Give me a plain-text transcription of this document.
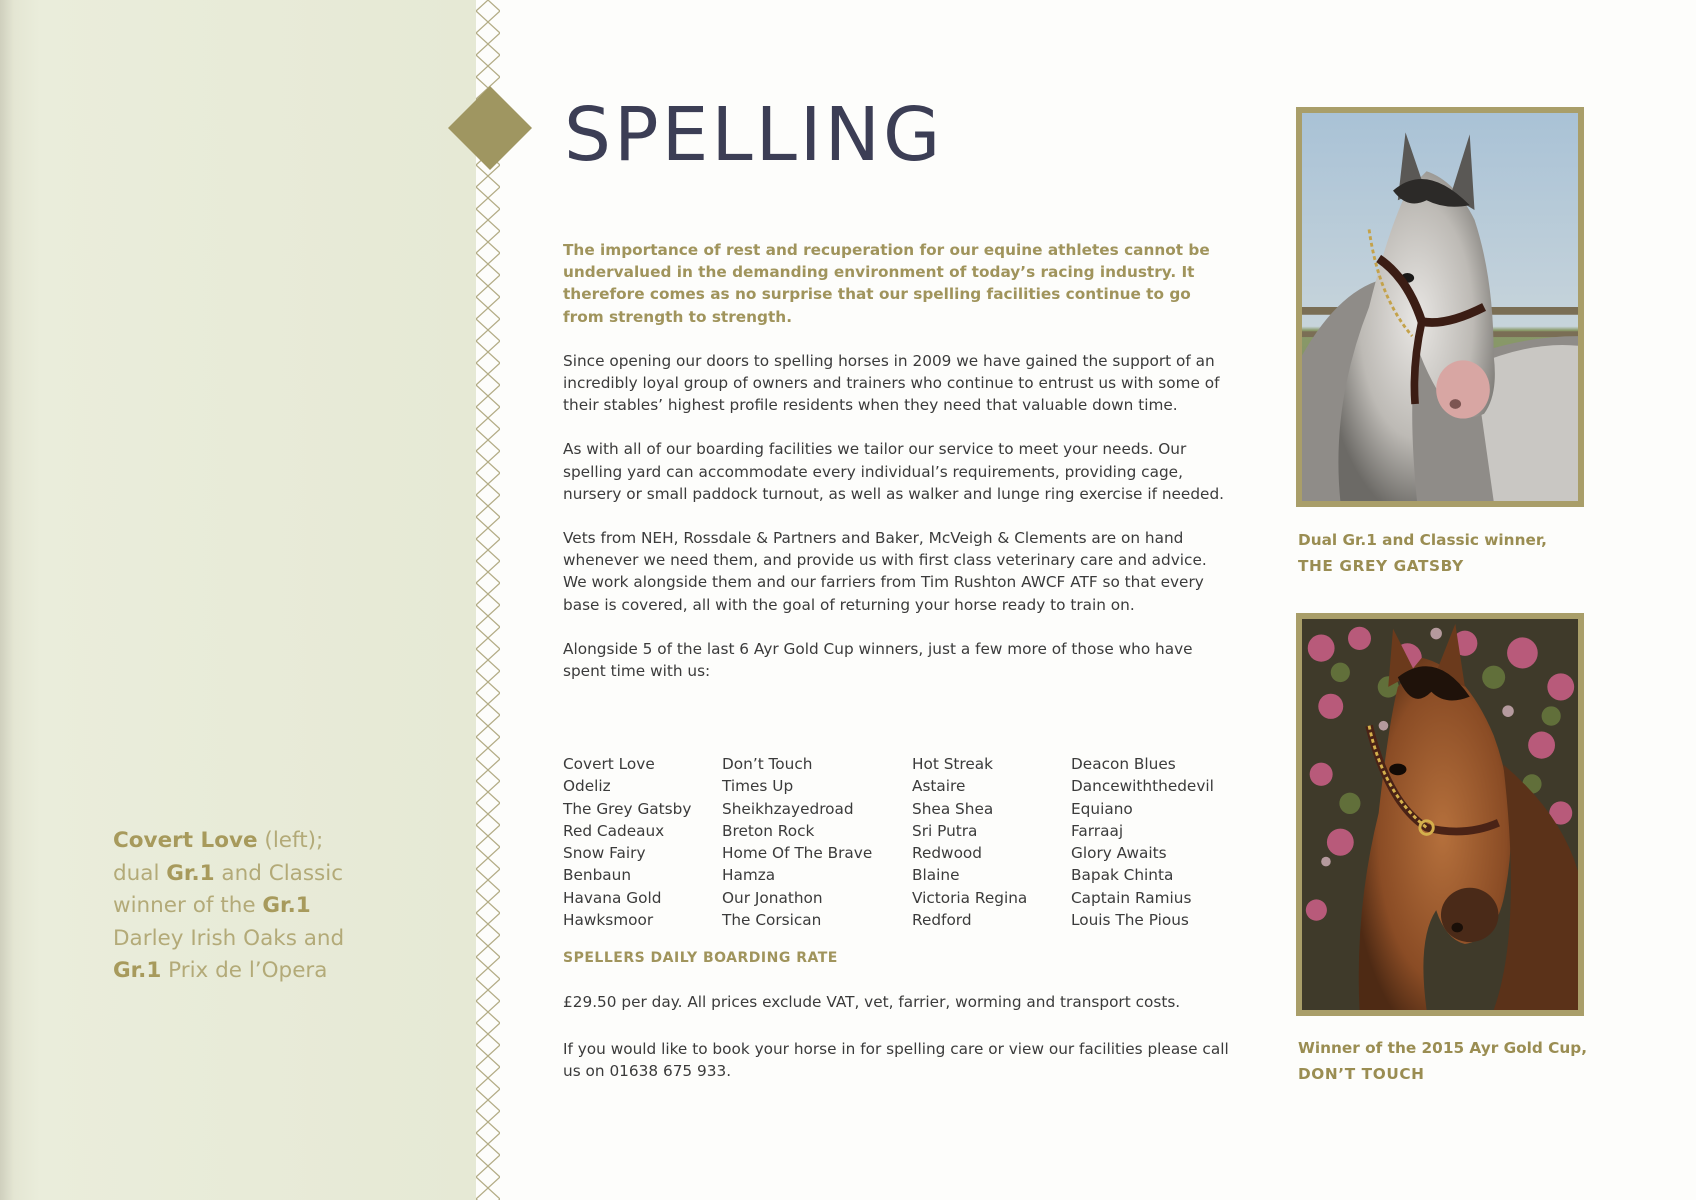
Covert Love (left);
dual Gr.1 and Classic
winner of the Gr.1
Darley Irish Oaks and
Gr.1 Prix de l’Opera
SPELLING

The importance of rest and recuperation for our equine athletes cannot be undervalued in the demanding environment of today’s racing industry. It therefore comes as no surprise that our spelling facilities continue to go from strength to strength.

Since opening our doors to spelling horses in 2009 we have gained the support of an incredibly loyal group of owners and trainers who continue to entrust us with some of their stables’ highest profile residents when they need that valuable down time.

As with all of our boarding facilities we tailor our service to meet your needs. Our spelling yard can accommodate every individual’s requirements, providing cage, nursery or small paddock turnout, as well as walker and lunge ring exercise if needed.

Vets from NEH, Rossdale & Partners and Baker, McVeigh & Clements are on hand whenever we need them, and provide us with first class veterinary care and advice. We work alongside them and our farriers from Tim Rushton AWCF ATF so that every base is covered, all with the goal of returning your horse ready to train on.

Alongside 5 of the last 6 Ayr Gold Cup winners, just a few more of those who have spent time with us:

Covert Love
Odeliz
The Grey Gatsby
Red Cadeaux
Snow Fairy
Benbaun
Havana Gold
Hawksmoor
Don’t Touch
Times Up
Sheikhzayedroad
Breton Rock
Home Of The Brave
Hamza
Our Jonathon
The Corsican
Hot Streak
Astaire
Shea Shea
Sri Putra
Redwood
Blaine
Victoria Regina
Redford
Deacon Blues
Dancewiththedevil
Equiano
Farraaj
Glory Awaits
Bapak Chinta
Captain Ramius
Louis The Pious
SPELLERS DAILY BOARDING RATE
£29.50 per day. All prices exclude VAT, vet, farrier, worming and transport costs.
If you would like to book your horse in for spelling care or view our facilities please call us on 01638 675 933.
Dual Gr.1 and Classic winner,
THE GREY GATSBY
Winner of the 2015 Ayr Gold Cup,
DON’T TOUCH
